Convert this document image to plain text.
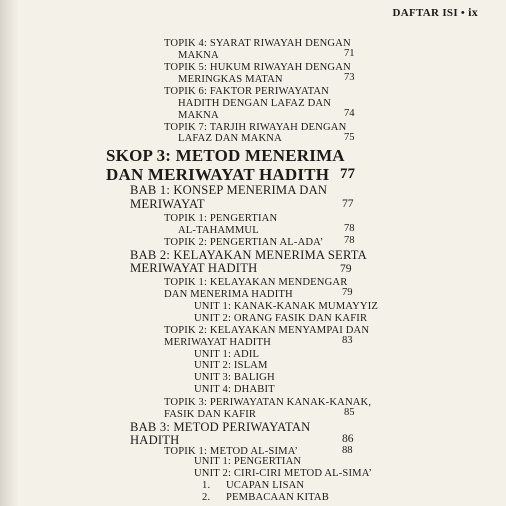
DAFTAR ISI • ix
TOPIK 4: SYARAT RIWAYAH DENGAN
MAKNA	71
TOPIK 5: HUKUM RIWAYAH DENGAN
MERINGKAS MATAN	73
TOPIK 6: FAKTOR PERIWAYATAN
HADITH DENGAN LAFAZ DAN
MAKNA	74
TOPIK 7: TARJIH RIWAYAH DENGAN
LAFAZ DAN MAKNA	75
SKOP 3: METOD MENERIMA
DAN MERIWAYAT HADITH 77
BAB 1: KONSEP MENERIMA DAN
MERIWAYAT	77
TOPIK 1: PENGERTIAN
AL-TAHAMMUL	78
TOPIK 2: PENGERTIAN AL-ADA’ 78
BAB 2: KELAYAKAN MENERIMA SERTA
MERIWAYAT HADITH	79
TOPIK 1: KELAYAKAN MENDENGAR
DAN MENERIMA HADITH	79
UNIT 1: KANAK-KANAK MUMAYYIZ
UNIT 2: ORANG FASIK DAN KAFIR
TOPIK 2: KELAYAKAN MENYAMPAI DAN
MERIWAYAT HADITH	83
UNIT 1: ADIL
UNIT 2: ISLAM
UNIT 3: BALIGH
UNIT 4: DHABIT
TOPIK 3: PERIWAYATAN KANAK-KANAK,
FASIK DAN KAFIR	85
BAB 3: METOD PERIWAYATAN
HADITH	86
TOPIK 1: METOD AL-SIMA’	88
UNIT 1: PENGERTIAN
UNIT 2: CIRI-CIRI METOD AL-SIMA’
1. UCAPAN LISAN
2. PEMBACAAN KITAB
